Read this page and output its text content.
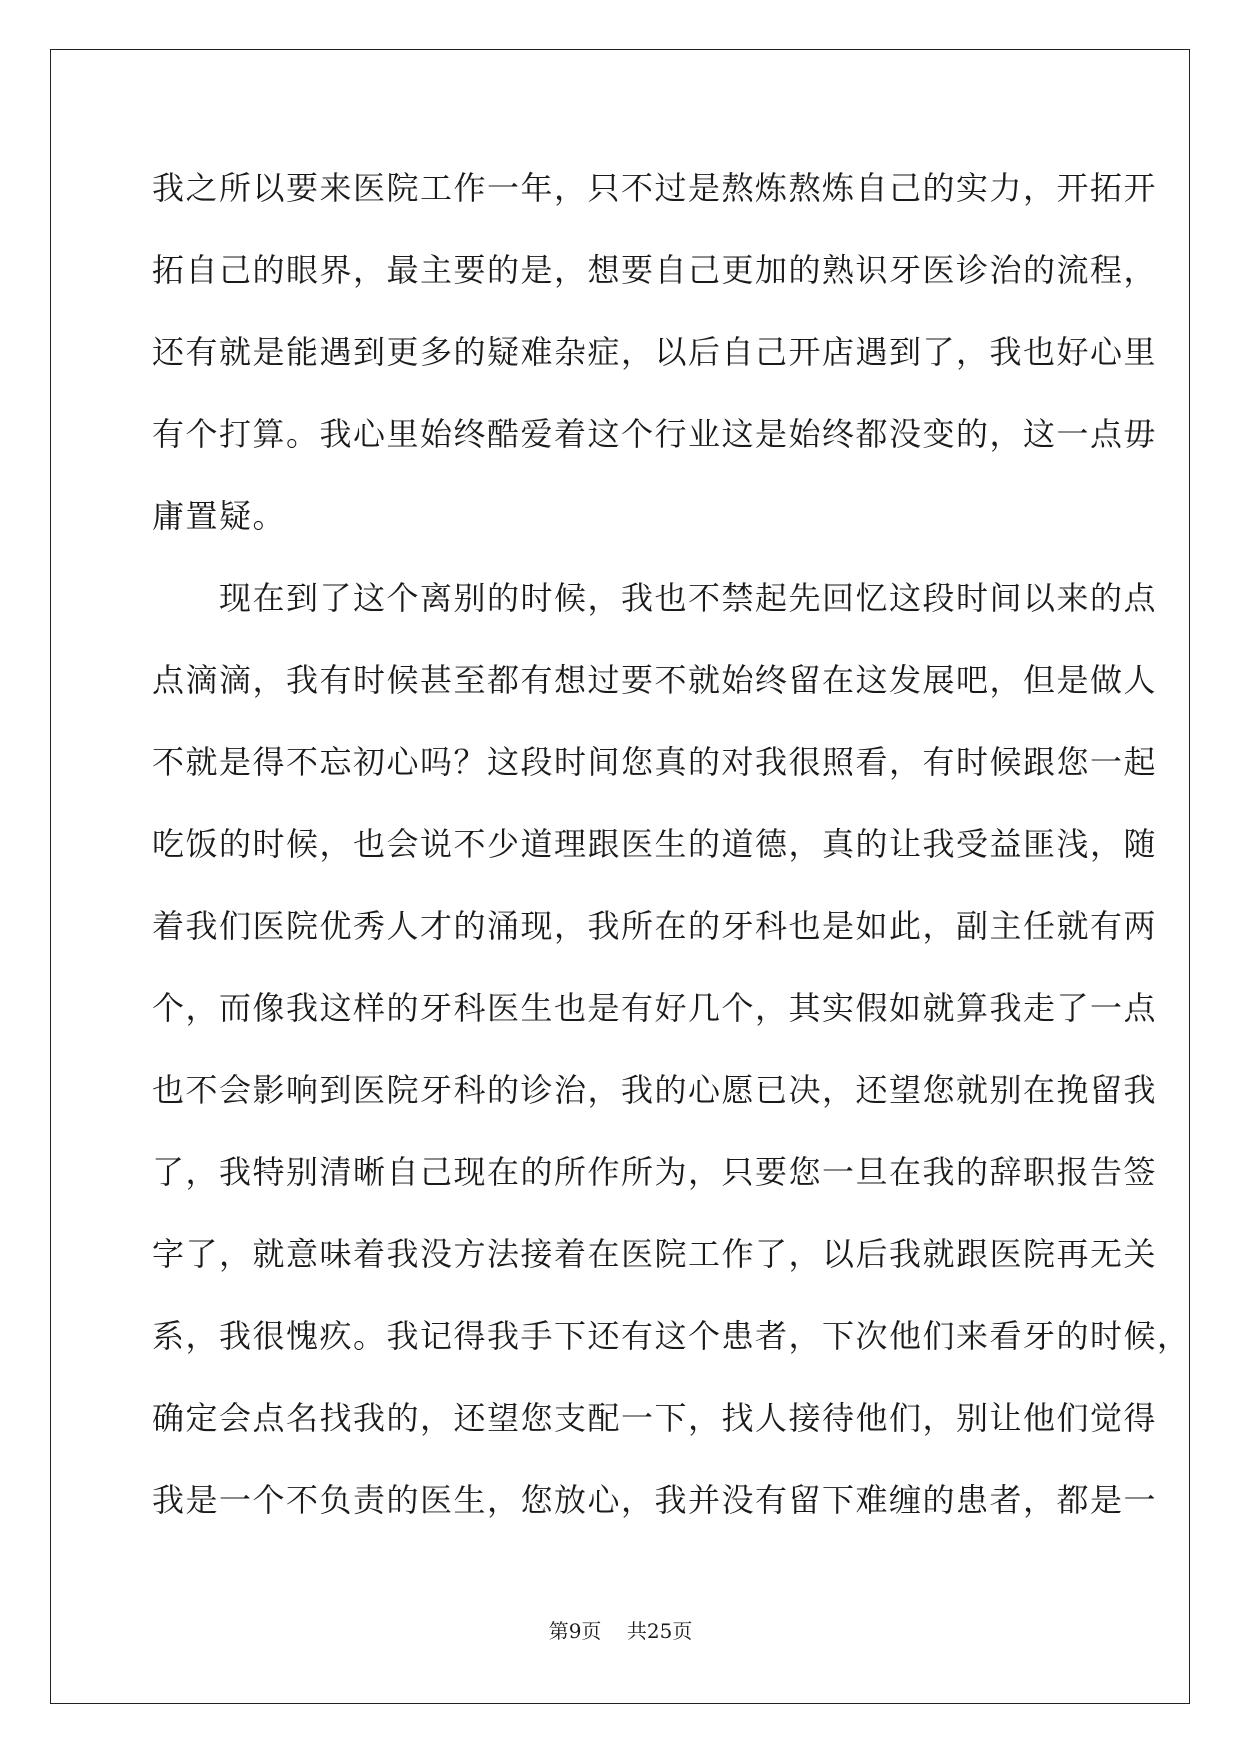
我之所以要来医院工作一年，只不过是熬炼熬炼自己的实力，开拓开
拓自己的眼界，最主要的是，想要自己更加的熟识牙医诊治的流程，
还有就是能遇到更多的疑难杂症，以后自己开店遇到了，我也好心里
有个打算。我心里始终酷爱着这个行业这是始终都没变的，这一点毋
庸置疑。
　　现在到了这个离别的时候，我也不禁起先回忆这段时间以来的点
点滴滴，我有时候甚至都有想过要不就始终留在这发展吧，但是做人
不就是得不忘初心吗？这段时间您真的对我很照看，有时候跟您一起
吃饭的时候，也会说不少道理跟医生的道德，真的让我受益匪浅，随
着我们医院优秀人才的涌现，我所在的牙科也是如此，副主任就有两
个，而像我这样的牙科医生也是有好几个，其实假如就算我走了一点
也不会影响到医院牙科的诊治，我的心愿已决，还望您就别在挽留我
了，我特别清晰自己现在的所作所为，只要您一旦在我的辞职报告签
字了，就意味着我没方法接着在医院工作了，以后我就跟医院再无关
系，我很愧疚。我记得我手下还有这个患者，下次他们来看牙的时候，
确定会点名找我的，还望您支配一下，找人接待他们，别让他们觉得
我是一个不负责的医生，您放心，我并没有留下难缠的患者，都是一
第9页 共25页
